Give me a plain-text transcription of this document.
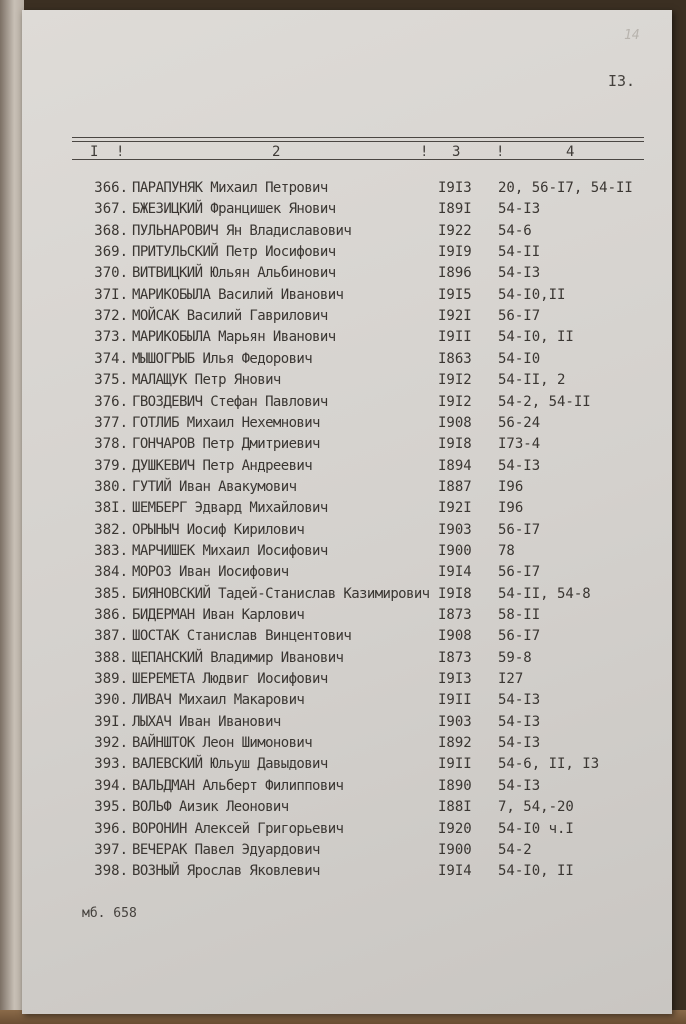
14
I3.
I !	2	! 3	!	4
366. ПАРАПУНЯК Михаил Петрович	I9I3 20, 56-I7, 54-II
367. БЖЕЗИЦКИЙ Францишек Янович	I89I 54-I3
368. ПУЛЬНАРОВИЧ Ян Владиславович	I922 54-6
369. ПРИТУЛЬСКИЙ Петр Иосифович	I9I9 54-II
370. ВИТВИЦКИЙ Юльян Альбинович	I896 54-I3
37I. МАРИКОБЫЛА Василий Иванович	I9I5 54-I0,II
372. МОЙСАК Василий Гаврилович	I92I 56-I7
373. МАРИКОБЫЛА Марьян Иванович	I9II 54-I0, II
374. МЫШОГРЫБ Илья Федорович	I863 54-I0
375. МАЛАЩУК Петр Янович	I9I2 54-II, 2
376. ГВОЗДЕВИЧ Стефан Павлович	I9I2 54-2, 54-II
377. ГОТЛИБ Михаил Нехемнович	I908 56-24
378. ГОНЧАРОВ Петр Дмитриевич	I9I8 I73-4
379. ДУШКЕВИЧ Петр Андреевич	I894 54-I3
380. ГУТИЙ Иван Авакумович	I887 I96
38I. ШЕМБЕРГ Эдвард Михайлович	I92I I96
382. ОРЫНЫЧ Иосиф Кирилович	I903 56-I7
383. МАРЧИШЕК Михаил Иосифович	I900 78
384. МОРОЗ Иван Иосифович	I9I4 56-I7
385. БИЯНОВСКИЙ Тадей-Станислав Казимирович I9I8 54-II, 54-8
386. БИДЕРМАН Иван Карлович	I873 58-II
387. ШОСТАК Станислав Винцентович	I908 56-I7
388. ЩЕПАНСКИЙ Владимир Иванович	I873 59-8
389. ШЕРЕМЕТА Людвиг Иосифович	I9I3 I27
390. ЛИВАЧ Михаил Макарович	I9II 54-I3
39I. ЛЫХАЧ Иван Иванович	I903 54-I3
392. ВАЙНШТОК Леон Шимонович	I892 54-I3
393. ВАЛЕВСКИЙ Юльуш Давыдович	I9II 54-6, II, I3
394. ВАЛЬДМАН Альберт Филиппович	I890 54-I3
395. ВОЛЬФ Аизик Леонович	I88I 7, 54,-20
396. ВОРОНИН Алексей Григорьевич	I920 54-I0 ч.I
397. ВЕЧЕРАК Павел Эдуардович	I900 54-2
398. ВОЗНЫЙ Ярослав Яковлевич	I9I4 54-I0, II
мб. 658
